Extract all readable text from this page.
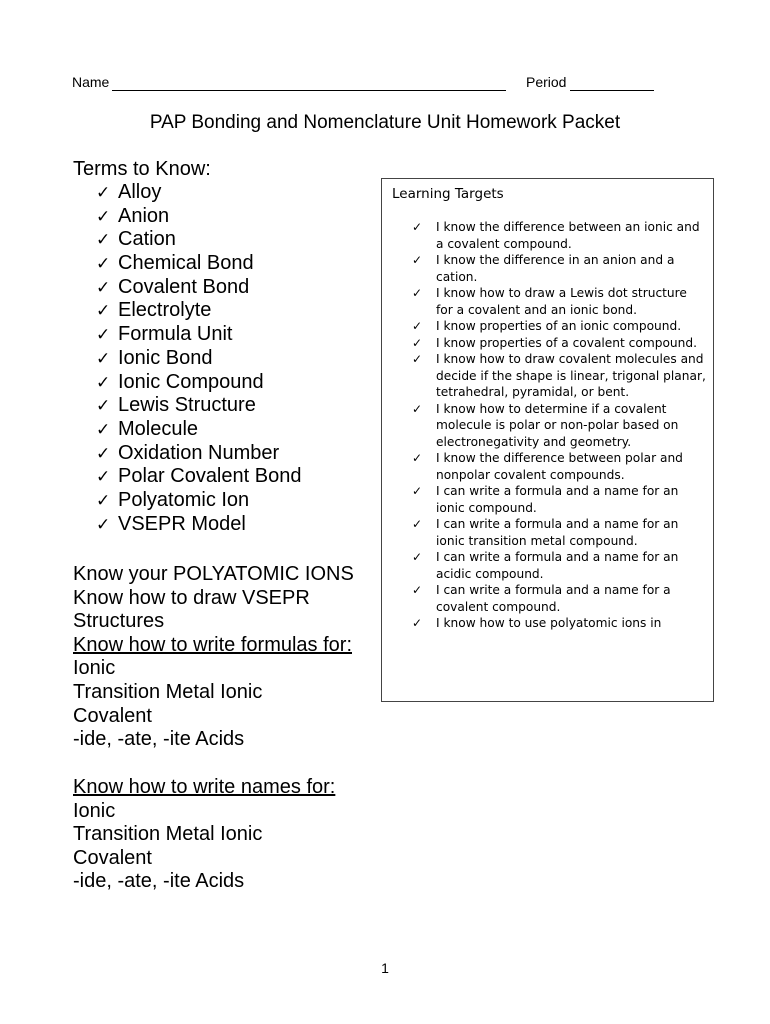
Name	Period
PAP Bonding and Nomenclature Unit Homework Packet
Terms to Know:
✓ Alloy
✓ Anion
✓ Cation
✓ Chemical Bond
✓ Covalent Bond
✓ Electrolyte
✓ Formula Unit
✓ Ionic Bond
✓ Ionic Compound
✓ Lewis Structure
✓ Molecule
✓ Oxidation Number
✓ Polar Covalent Bond
✓ Polyatomic Ion
✓ VSEPR Model
Learning Targets
✓	I know the difference between an ionic and a covalent compound.
✓	I know the difference in an anion and a cation.
✓	I know how to draw a Lewis dot structure for a covalent and an ionic bond.
✓	I know properties of an ionic compound.
✓	I know properties of a covalent compound.
✓	I know how to draw covalent molecules and decide if the shape is linear, trigonal planar, tetrahedral, pyramidal, or bent.
✓	I know how to determine if a covalent molecule is polar or non-polar based on electronegativity and geometry.
✓	I know the difference between polar and nonpolar covalent compounds.
✓	I can write a formula and a name for an ionic compound.
✓	I can write a formula and a name for an ionic transition metal compound.
✓	I can write a formula and a name for an acidic compound.
✓	I can write a formula and a name for a covalent compound.
✓	I know how to use polyatomic ions in
Know your POLYATOMIC IONS
Know how to draw VSEPR
Structures
Know how to write formulas for:
Ionic
Transition Metal Ionic
Covalent
-ide, -ate, -ite Acids
Know how to write names for:
Ionic
Transition Metal Ionic
Covalent
-ide, -ate, -ite Acids
1
